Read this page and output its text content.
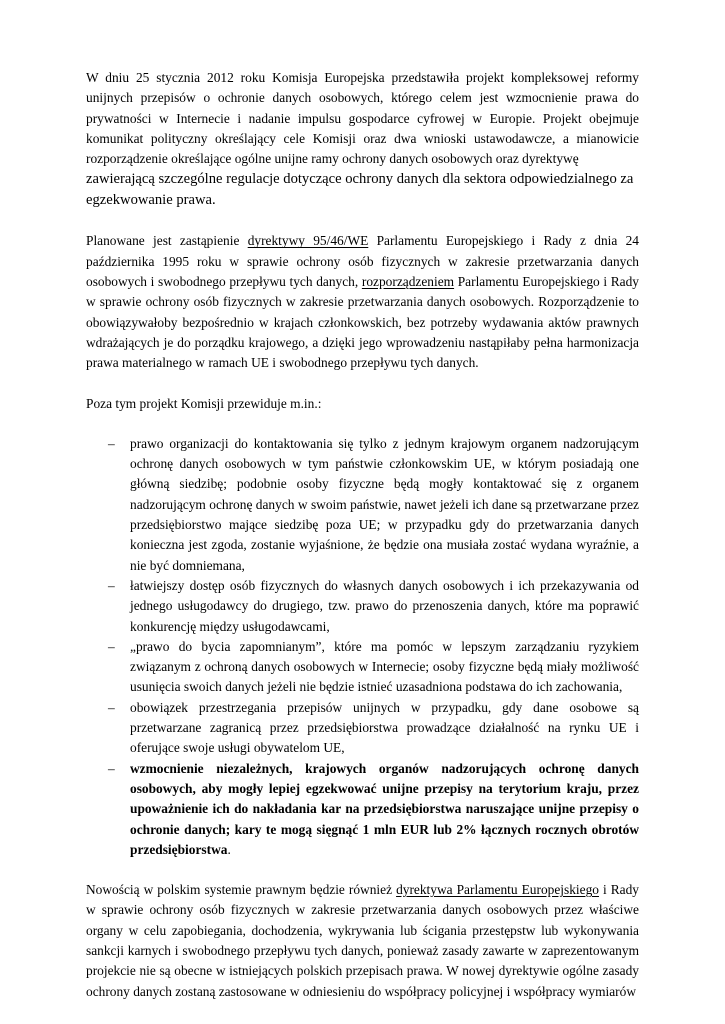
W dniu 25 stycznia 2012 roku Komisja Europejska przedstawiła projekt kompleksowej reformy unijnych przepisów o ochronie danych osobowych, którego celem jest wzmocnienie prawa do prywatności w Internecie i nadanie impulsu gospodarce cyfrowej w Europie. Projekt obejmuje komunikat polityczny określający cele Komisji oraz dwa wnioski ustawodawcze, a mianowicie rozporządzenie określające ogólne unijne ramy ochrony danych osobowych oraz dyrektywę

zawierającą szczególne regulacje dotyczące ochrony danych dla sektora odpowiedzialnego za egzekwowanie prawa.

Planowane jest zastąpienie dyrektywy 95/46/WE Parlamentu Europejskiego i Rady z dnia 24 października 1995 roku w sprawie ochrony osób fizycznych w zakresie przetwarzania danych osobowych i swobodnego przepływu tych danych, rozporządzeniem Parlamentu Europejskiego i Rady w sprawie ochrony osób fizycznych w zakresie przetwarzania danych osobowych. Rozporządzenie to obowiązywałoby bezpośrednio w krajach członkowskich, bez potrzeby wydawania aktów prawnych wdrażających je do porządku krajowego, a dzięki jego wprowadzeniu nastąpiłaby pełna harmonizacja prawa materialnego w ramach UE i swobodnego przepływu tych danych.

Poza tym projekt Komisji przewiduje m.in.:

– prawo organizacji do kontaktowania się tylko z jednym krajowym organem nadzorującym ochronę danych osobowych w tym państwie członkowskim UE, w którym posiadają one główną siedzibę; podobnie osoby fizyczne będą mogły kontaktować się z organem nadzorującym ochronę danych w swoim państwie, nawet jeżeli ich dane są przetwarzane przez przedsiębiorstwo mające siedzibę poza UE; w przypadku gdy do przetwarzania danych konieczna jest zgoda, zostanie wyjaśnione, że będzie ona musiała zostać wydana wyraźnie, a nie być domniemana,
– łatwiejszy dostęp osób fizycznych do własnych danych osobowych i ich przekazywania od jednego usługodawcy do drugiego, tzw. prawo do przenoszenia danych, które ma poprawić konkurencję między usługodawcami,
– „prawo do bycia zapomnianym”, które ma pomóc w lepszym zarządzaniu ryzykiem związanym z ochroną danych osobowych w Internecie; osoby fizyczne będą miały możliwość usunięcia swoich danych jeżeli nie będzie istnieć uzasadniona podstawa do ich zachowania,
– obowiązek przestrzegania przepisów unijnych w przypadku, gdy dane osobowe są przetwarzane zagranicą przez przedsiębiorstwa prowadzące działalność na rynku UE i oferujące swoje usługi obywatelom UE,
– wzmocnienie niezależnych, krajowych organów nadzorujących ochronę danych osobowych, aby mogły lepiej egzekwować unijne przepisy na terytorium kraju, przez upoważnienie ich do nakładania kar na przedsiębiorstwa naruszające unijne przepisy o ochronie danych; kary te mogą sięgnąć 1 mln EUR lub 2% łącznych rocznych obrotów przedsiębiorstwa.

Nowością w polskim systemie prawnym będzie również dyrektywa Parlamentu Europejskiego i Rady w sprawie ochrony osób fizycznych w zakresie przetwarzania danych osobowych przez właściwe organy w celu zapobiegania, dochodzenia, wykrywania lub ścigania przestępstw lub wykonywania sankcji karnych i swobodnego przepływu tych danych, ponieważ zasady zawarte w zaprezentowanym projekcie nie są obecne w istniejących polskich przepisach prawa. W nowej dyrektywie ogólne zasady ochrony danych zostaną zastosowane w odniesieniu do współpracy policyjnej i współpracy wymiarów
